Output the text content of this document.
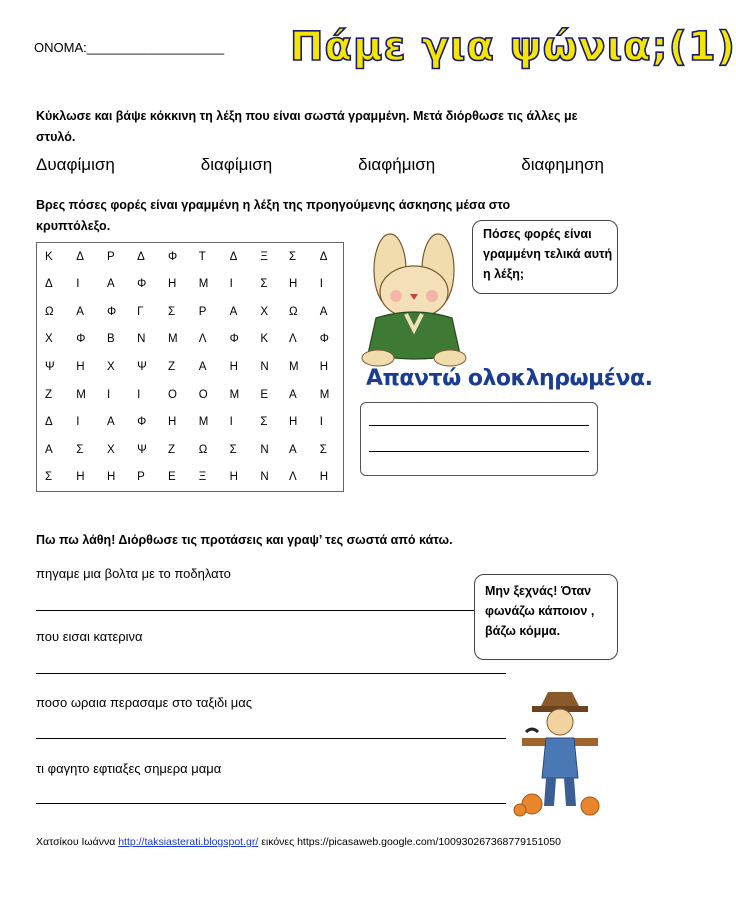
ΟΝΟΜΑ:___________________ Πάμε για ψώνια;(1)
Κύκλωσε και βάψε κόκκινη τη λέξη που είναι σωστά γραμμένη. Μετά διόρθωσε τις άλλες με στυλό.
Δυαφίμιση	διαφίμιση	διαφήμιση	διαφημηση
Βρες πόσες φορές είναι γραμμένη η λέξη της προηγούμενης άσκησης μέσα στο κρυπτόλεξο.
Κ	Δ	Ρ	Δ	Φ	Τ	Δ	Ξ	Σ	Δ
Δ	Ι	Α	Φ	Η	Μ	Ι	Σ	Η	Ι
Ω	Α	Φ	Γ	Σ	Ρ	Α	Χ	Ω	Α
Χ	Φ	Β	Ν	Μ	Λ	Φ	Κ	Λ	Φ
Ψ	Η	Χ	Ψ	Ζ	Α	Η	Ν	Μ	Η
Ζ	Μ	Ι	Ι	Ο	Ο	Μ	Ε	Α	Μ
Δ	Ι	Α	Φ	Η	Μ	Ι	Σ	Η	Ι
Α	Σ	Χ	Ψ	Ζ	Ω	Σ	Ν	Α	Σ
Σ	Η	Η	Ρ	Ε	Ξ	Η	Ν	Λ	Η
Πόσες φορές είναι γραμμένη τελικά αυτή η λέξη;
Απαντώ ολοκληρωμένα.
Πω πω λάθη! Διόρθωσε τις προτάσεις και γραψ’ τες σωστά από κάτω.
πηγαμε μια βολτα με το ποδηλατο
που εισαι κατερινα
ποσο ωραια περασαμε στο ταξιδι μας
τι φαγητο εφτιαξες σημερα μαμα
Μην ξεχνάς! Όταν φωνάζω κάποιον , βάζω κόμμα.
Χατσίκου Ιωάννα http://taksiasterati.blogspot.gr/ εικόνες https://picasaweb.google.com/100930267368779151050
